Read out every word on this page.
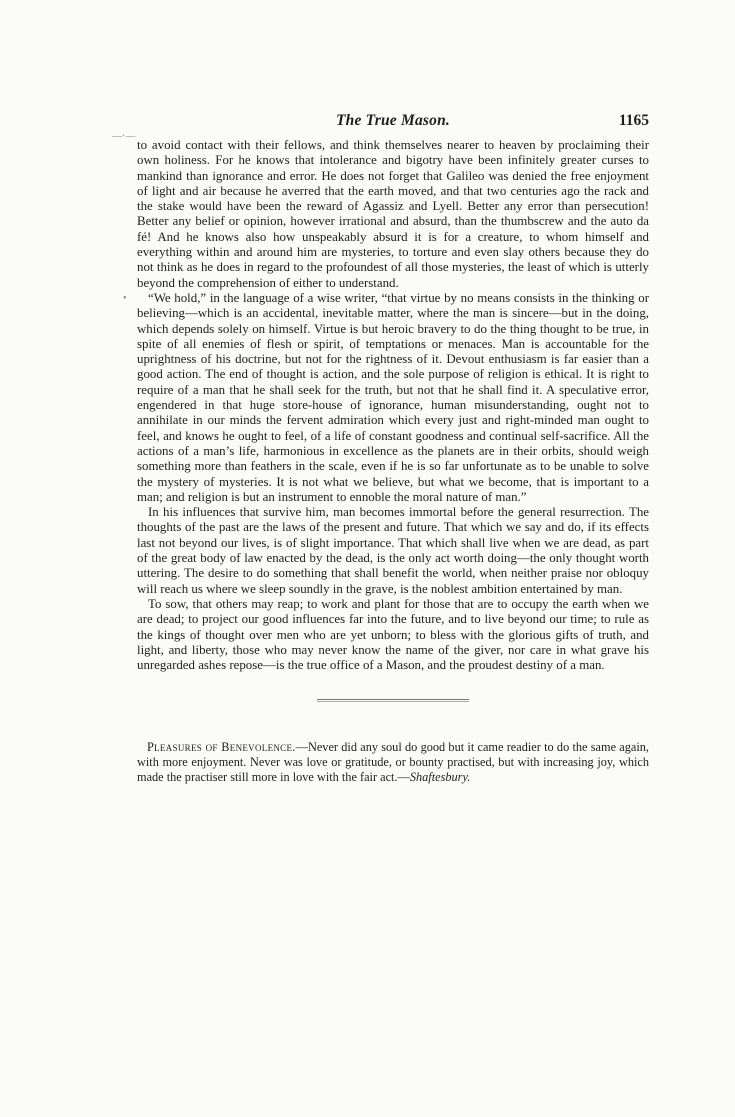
—·—
•
The True Mason.	1165

to avoid contact with their fellows, and think themselves nearer to heaven by proclaiming their own holiness. For he knows that intolerance and bigotry have been infinitely greater curses to mankind than ignorance and error. He does not forget that Galileo was denied the free enjoyment of light and air because he averred that the earth moved, and that two centuries ago the rack and the stake would have been the reward of Agassiz and Lyell. Better any error than persecution! Better any belief or opinion, however irrational and absurd, than the thumbscrew and the auto da fé! And he knows also how unspeakably absurd it is for a creature, to whom himself and everything within and around him are mysteries, to torture and even slay others because they do not think as he does in regard to the profoundest of all those mysteries, the least of which is utterly beyond the comprehension of either to understand.

“We hold,” in the language of a wise writer, “that virtue by no means consists in the thinking or believing—which is an accidental, inevitable matter, where the man is sincere—but in the doing, which depends solely on himself. Virtue is but heroic bravery to do the thing thought to be true, in spite of all enemies of flesh or spirit, of temptations or menaces. Man is accountable for the uprightness of his doctrine, but not for the rightness of it. Devout enthusiasm is far easier than a good action. The end of thought is action, and the sole purpose of religion is ethical. It is right to require of a man that he shall seek for the truth, but not that he shall find it. A speculative error, engendered in that huge store-house of ignorance, human misunderstanding, ought not to annihilate in our minds the fervent admiration which every just and right-minded man ought to feel, and knows he ought to feel, of a life of constant goodness and continual self-sacrifice. All the actions of a man’s life, harmonious in excellence as the planets are in their orbits, should weigh something more than feathers in the scale, even if he is so far unfortunate as to be unable to solve the mystery of mysteries. It is not what we believe, but what we become, that is important to a man; and religion is but an instrument to ennoble the moral nature of man.”

In his influences that survive him, man becomes immortal before the general resurrection. The thoughts of the past are the laws of the present and future. That which we say and do, if its effects last not beyond our lives, is of slight importance. That which shall live when we are dead, as part of the great body of law enacted by the dead, is the only act worth doing—the only thought worth uttering. The desire to do something that shall benefit the world, when neither praise nor obloquy will reach us where we sleep soundly in the grave, is the noblest ambition entertained by man.

To sow, that others may reap; to work and plant for those that are to occupy the earth when we are dead; to project our good influences far into the future, and to live beyond our time; to rule as the kings of thought over men who are yet unborn; to bless with the glorious gifts of truth, and light, and liberty, those who may never know the name of the giver, nor care in what grave his unregarded ashes repose—is the true office of a Mason, and the proudest destiny of a man.

Pleasures of Benevolence.—Never did any soul do good but it came readier to do the same again, with more enjoyment. Never was love or gratitude, or bounty practised, but with increasing joy, which made the practiser still more in love with the fair act.—Shaftesbury.
